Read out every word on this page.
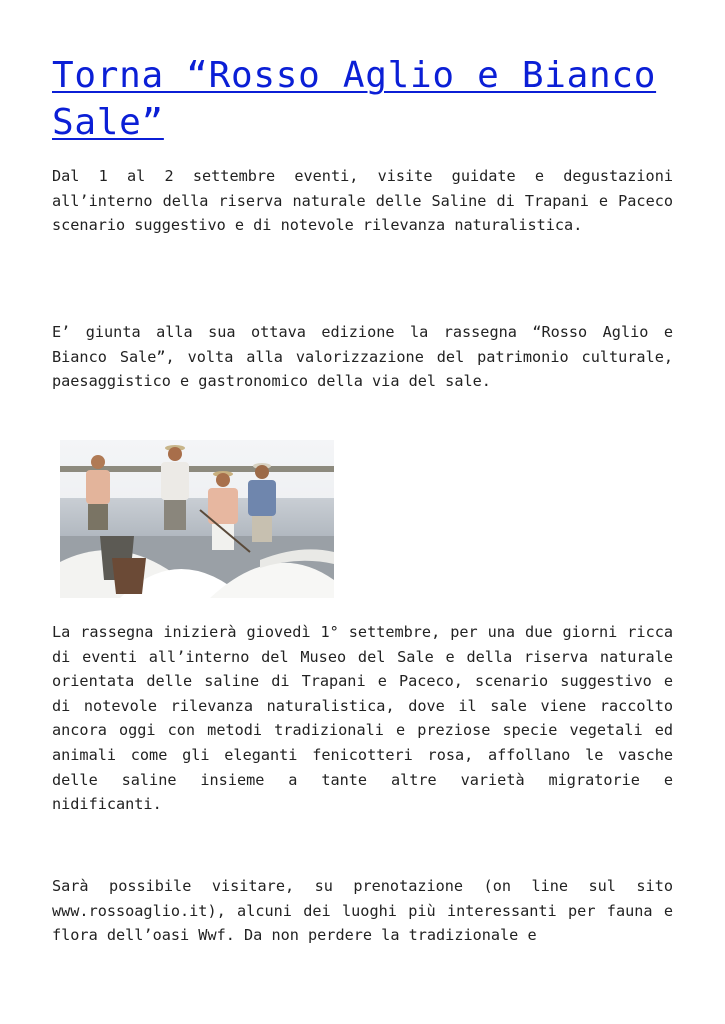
Torna “Rosso Aglio e Bianco Sale”

Dal 1 al 2 settembre eventi, visite guidate e degustazioni all’interno della riserva naturale delle Saline di Trapani e Paceco scenario suggestivo e di notevole rilevanza naturalistica.

E’ giunta alla sua ottava edizione la rassegna “Rosso Aglio e Bianco Sale”, volta alla valorizzazione del patrimonio culturale, paesaggistico e gastronomico della via del sale.

La rassegna inizierà giovedì 1° settembre, per una due giorni ricca di eventi all’interno del Museo del Sale e della riserva naturale orientata delle saline di Trapani e Paceco, scenario suggestivo e di notevole rilevanza naturalistica, dove il sale viene raccolto ancora oggi con metodi tradizionali e preziose specie vegetali ed animali come gli eleganti fenicotteri rosa, affollano le vasche delle saline insieme a tante altre varietà migratorie e nidificanti.

Sarà possibile visitare, su prenotazione (on line sul sito www.rossoaglio.it), alcuni dei luoghi più interessanti per fauna e flora dell’oasi Wwf. Da non perdere la tradizionale e
